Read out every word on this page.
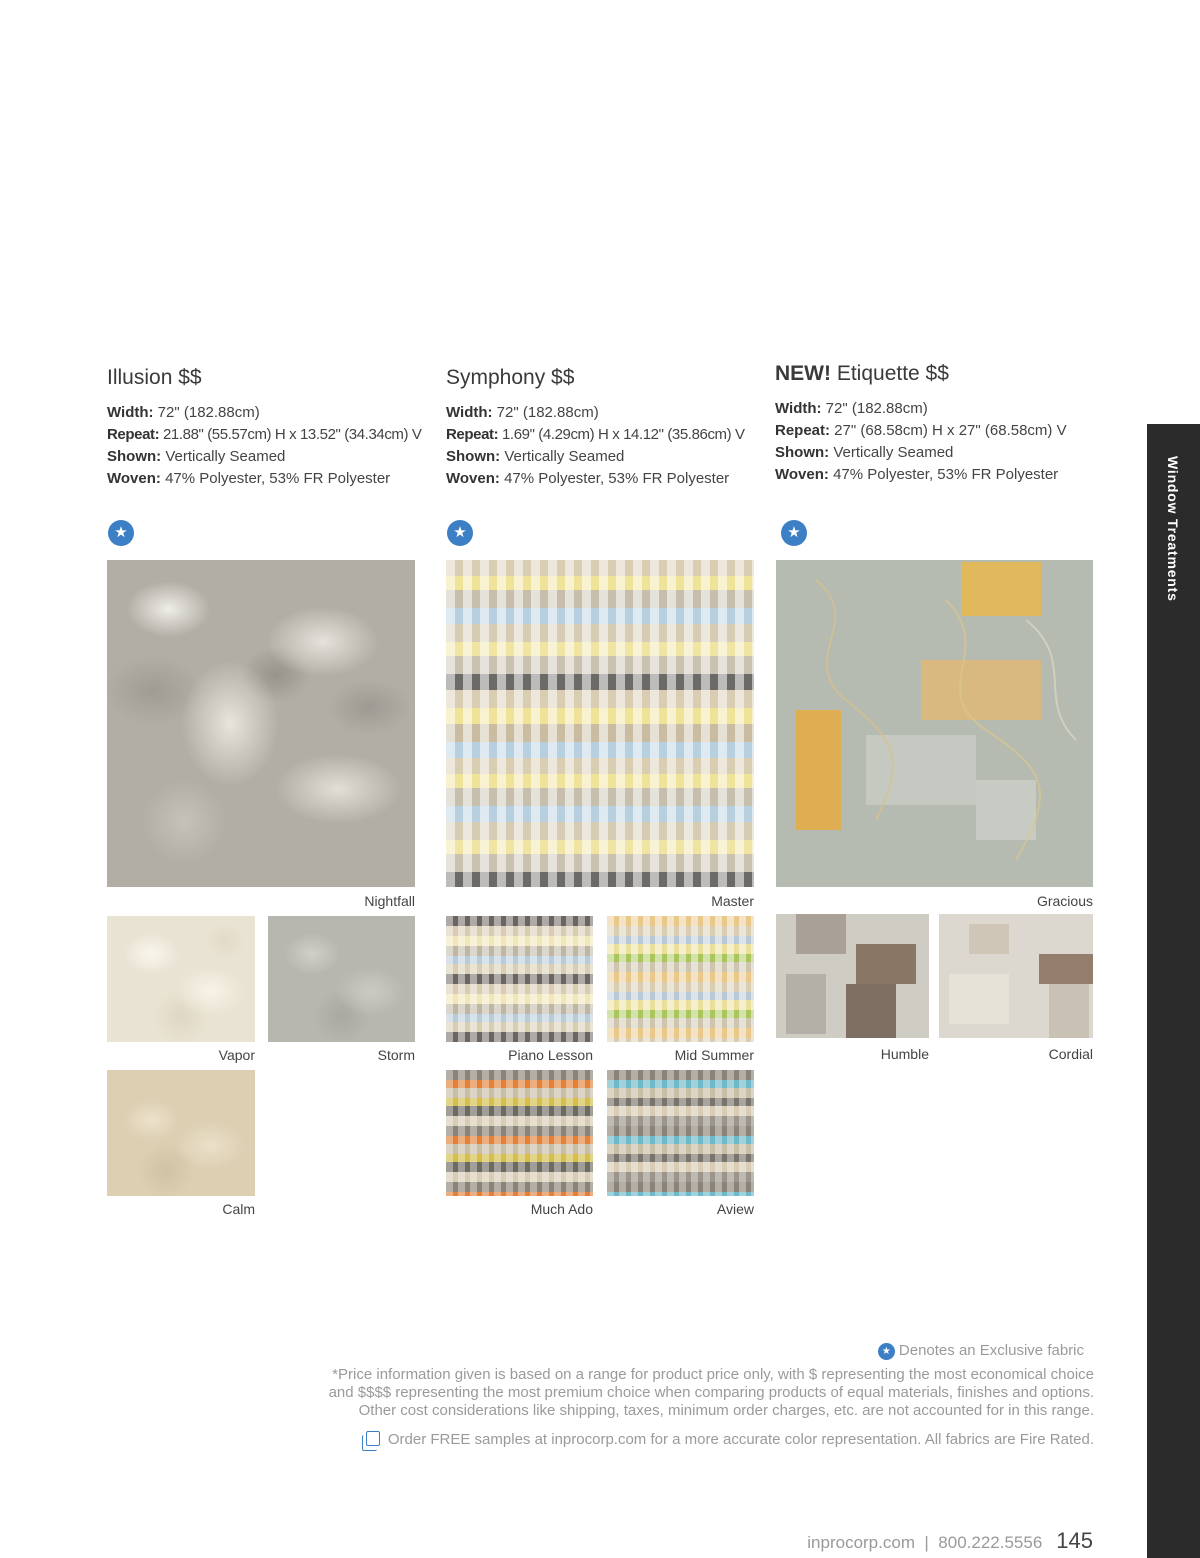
Illusion $$
Width: 72" (182.88cm)
Repeat: 21.88" (55.57cm) H x 13.52" (34.34cm) V
Shown: Vertically Seamed
Woven: 47% Polyester, 53% FR Polyester
★
Nightfall
Vapor	Storm
Calm
Symphony $$
Width: 72" (182.88cm)
Repeat: 1.69" (4.29cm) H x 14.12" (35.86cm) V
Shown: Vertically Seamed
Woven: 47% Polyester, 53% FR Polyester
★
Master
Piano Lesson	Mid Summer
Much Ado	Aview
NEW! Etiquette $$
Width: 72" (182.88cm)
Repeat: 27" (68.58cm) H x 27" (68.58cm) V
Shown: Vertically Seamed
Woven: 47% Polyester, 53% FR Polyester
★
Gracious
Humble	Cordial
★ Denotes an Exclusive fabric
*Price information given is based on a range for product price only, with $ representing the most economical choice
and $$$$ representing the most premium choice when comparing products of equal materials, finishes and options.
Other cost considerations like shipping, taxes, minimum order charges, etc. are not accounted for in this range.
Order FREE samples at inprocorp.com for a more accurate color representation. All fabrics are Fire Rated.
Window Treatments
inprocorp.com  |  800.222.5556 145
